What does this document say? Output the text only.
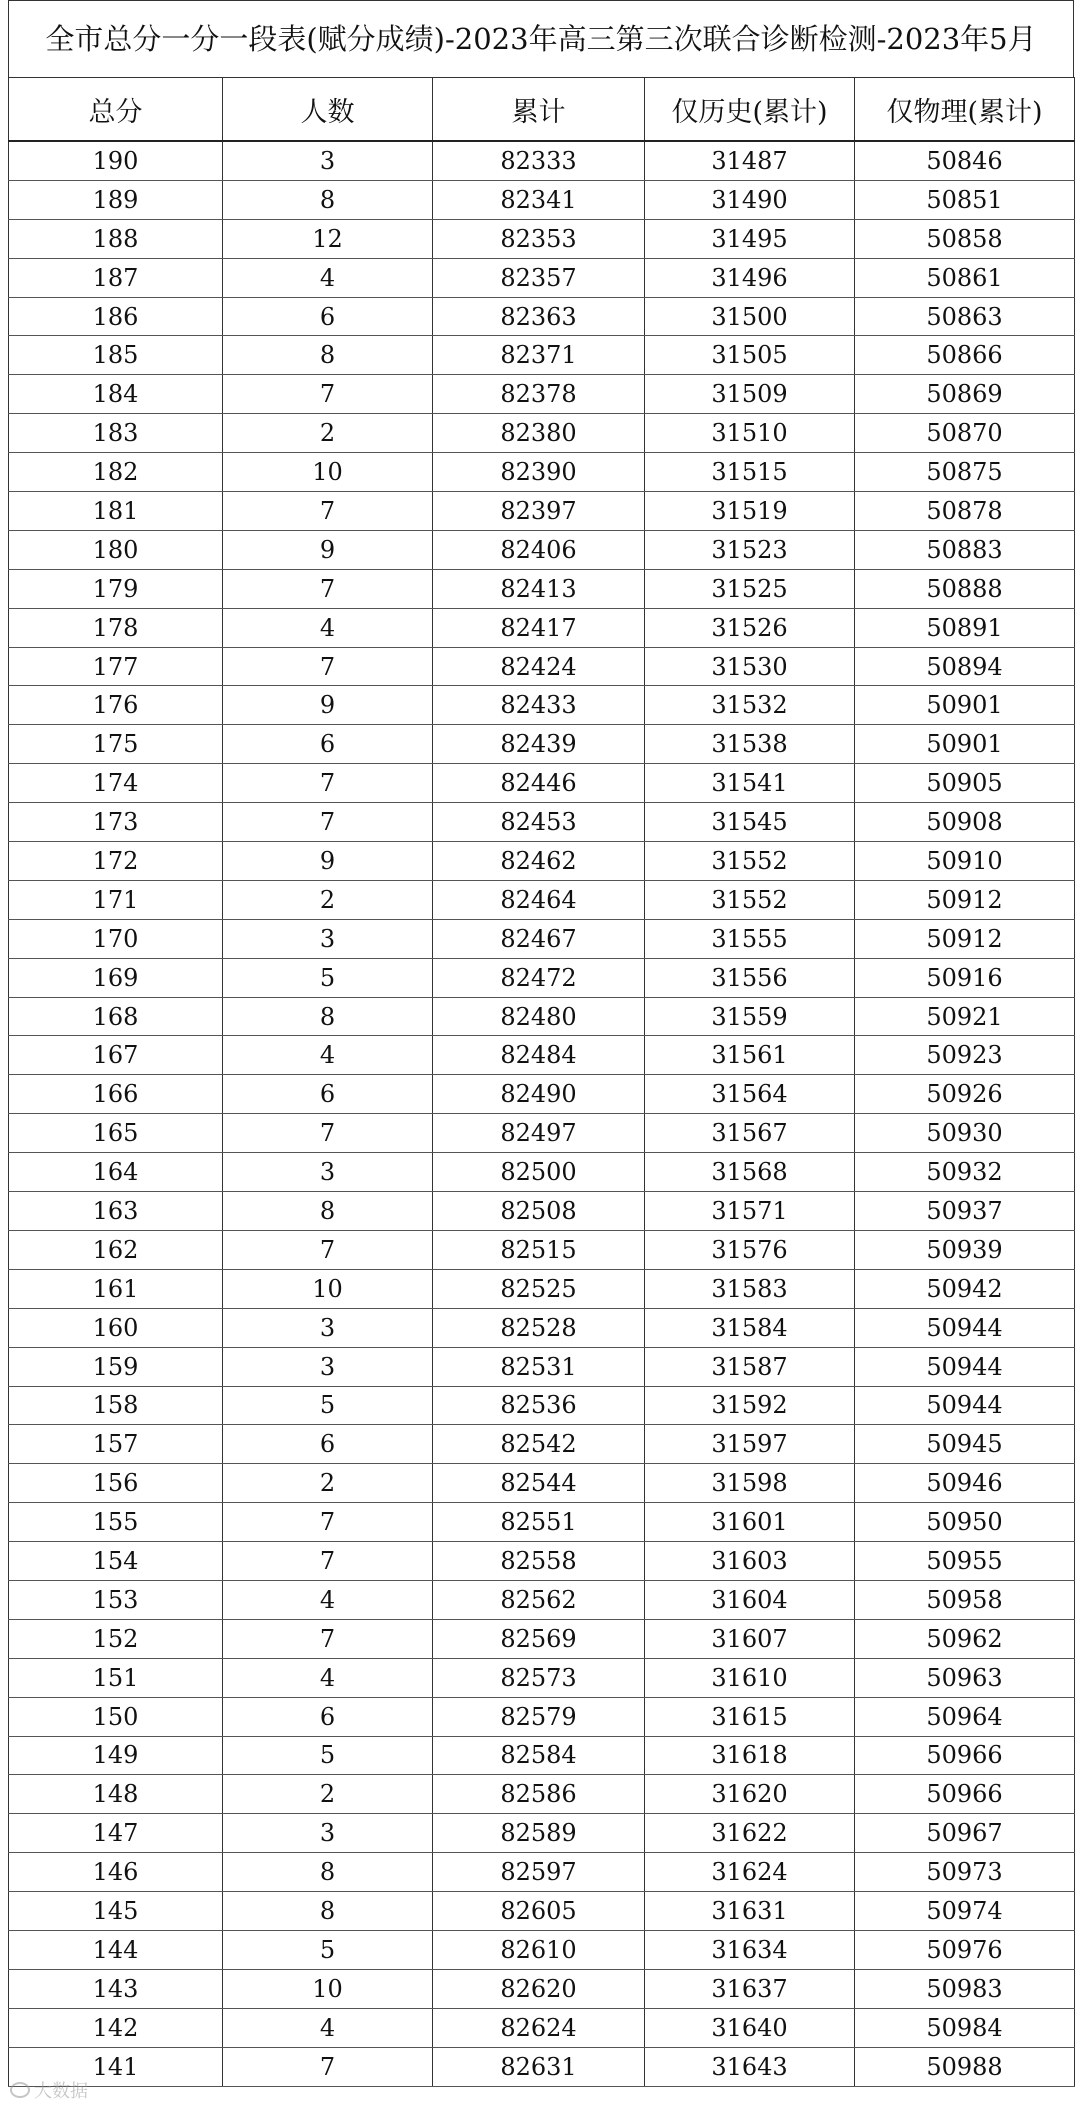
全市总分一分一段表(赋分成绩)-2023年高三第三次联合诊断检测-2023年5月
总分	人数	累计	仅历史(累计)	仅物理(累计)
190	3	82333	31487	50846
189	8	82341	31490	50851
188	12	82353	31495	50858
187	4	82357	31496	50861
186	6	82363	31500	50863
185	8	82371	31505	50866
184	7	82378	31509	50869
183	2	82380	31510	50870
182	10	82390	31515	50875
181	7	82397	31519	50878
180	9	82406	31523	50883
179	7	82413	31525	50888
178	4	82417	31526	50891
177	7	82424	31530	50894
176	9	82433	31532	50901
175	6	82439	31538	50901
174	7	82446	31541	50905
173	7	82453	31545	50908
172	9	82462	31552	50910
171	2	82464	31552	50912
170	3	82467	31555	50912
169	5	82472	31556	50916
168	8	82480	31559	50921
167	4	82484	31561	50923
166	6	82490	31564	50926
165	7	82497	31567	50930
164	3	82500	31568	50932
163	8	82508	31571	50937
162	7	82515	31576	50939
161	10	82525	31583	50942
160	3	82528	31584	50944
159	3	82531	31587	50944
158	5	82536	31592	50944
157	6	82542	31597	50945
156	2	82544	31598	50946
155	7	82551	31601	50950
154	7	82558	31603	50955
153	4	82562	31604	50958
152	7	82569	31607	50962
151	4	82573	31610	50963
150	6	82579	31615	50964
149	5	82584	31618	50966
148	2	82586	31620	50966
147	3	82589	31622	50967
146	8	82597	31624	50973
145	8	82605	31631	50974
144	5	82610	31634	50976
143	10	82620	31637	50983
142	4	82624	31640	50984
141	7	82631	31643	50988
大数据
